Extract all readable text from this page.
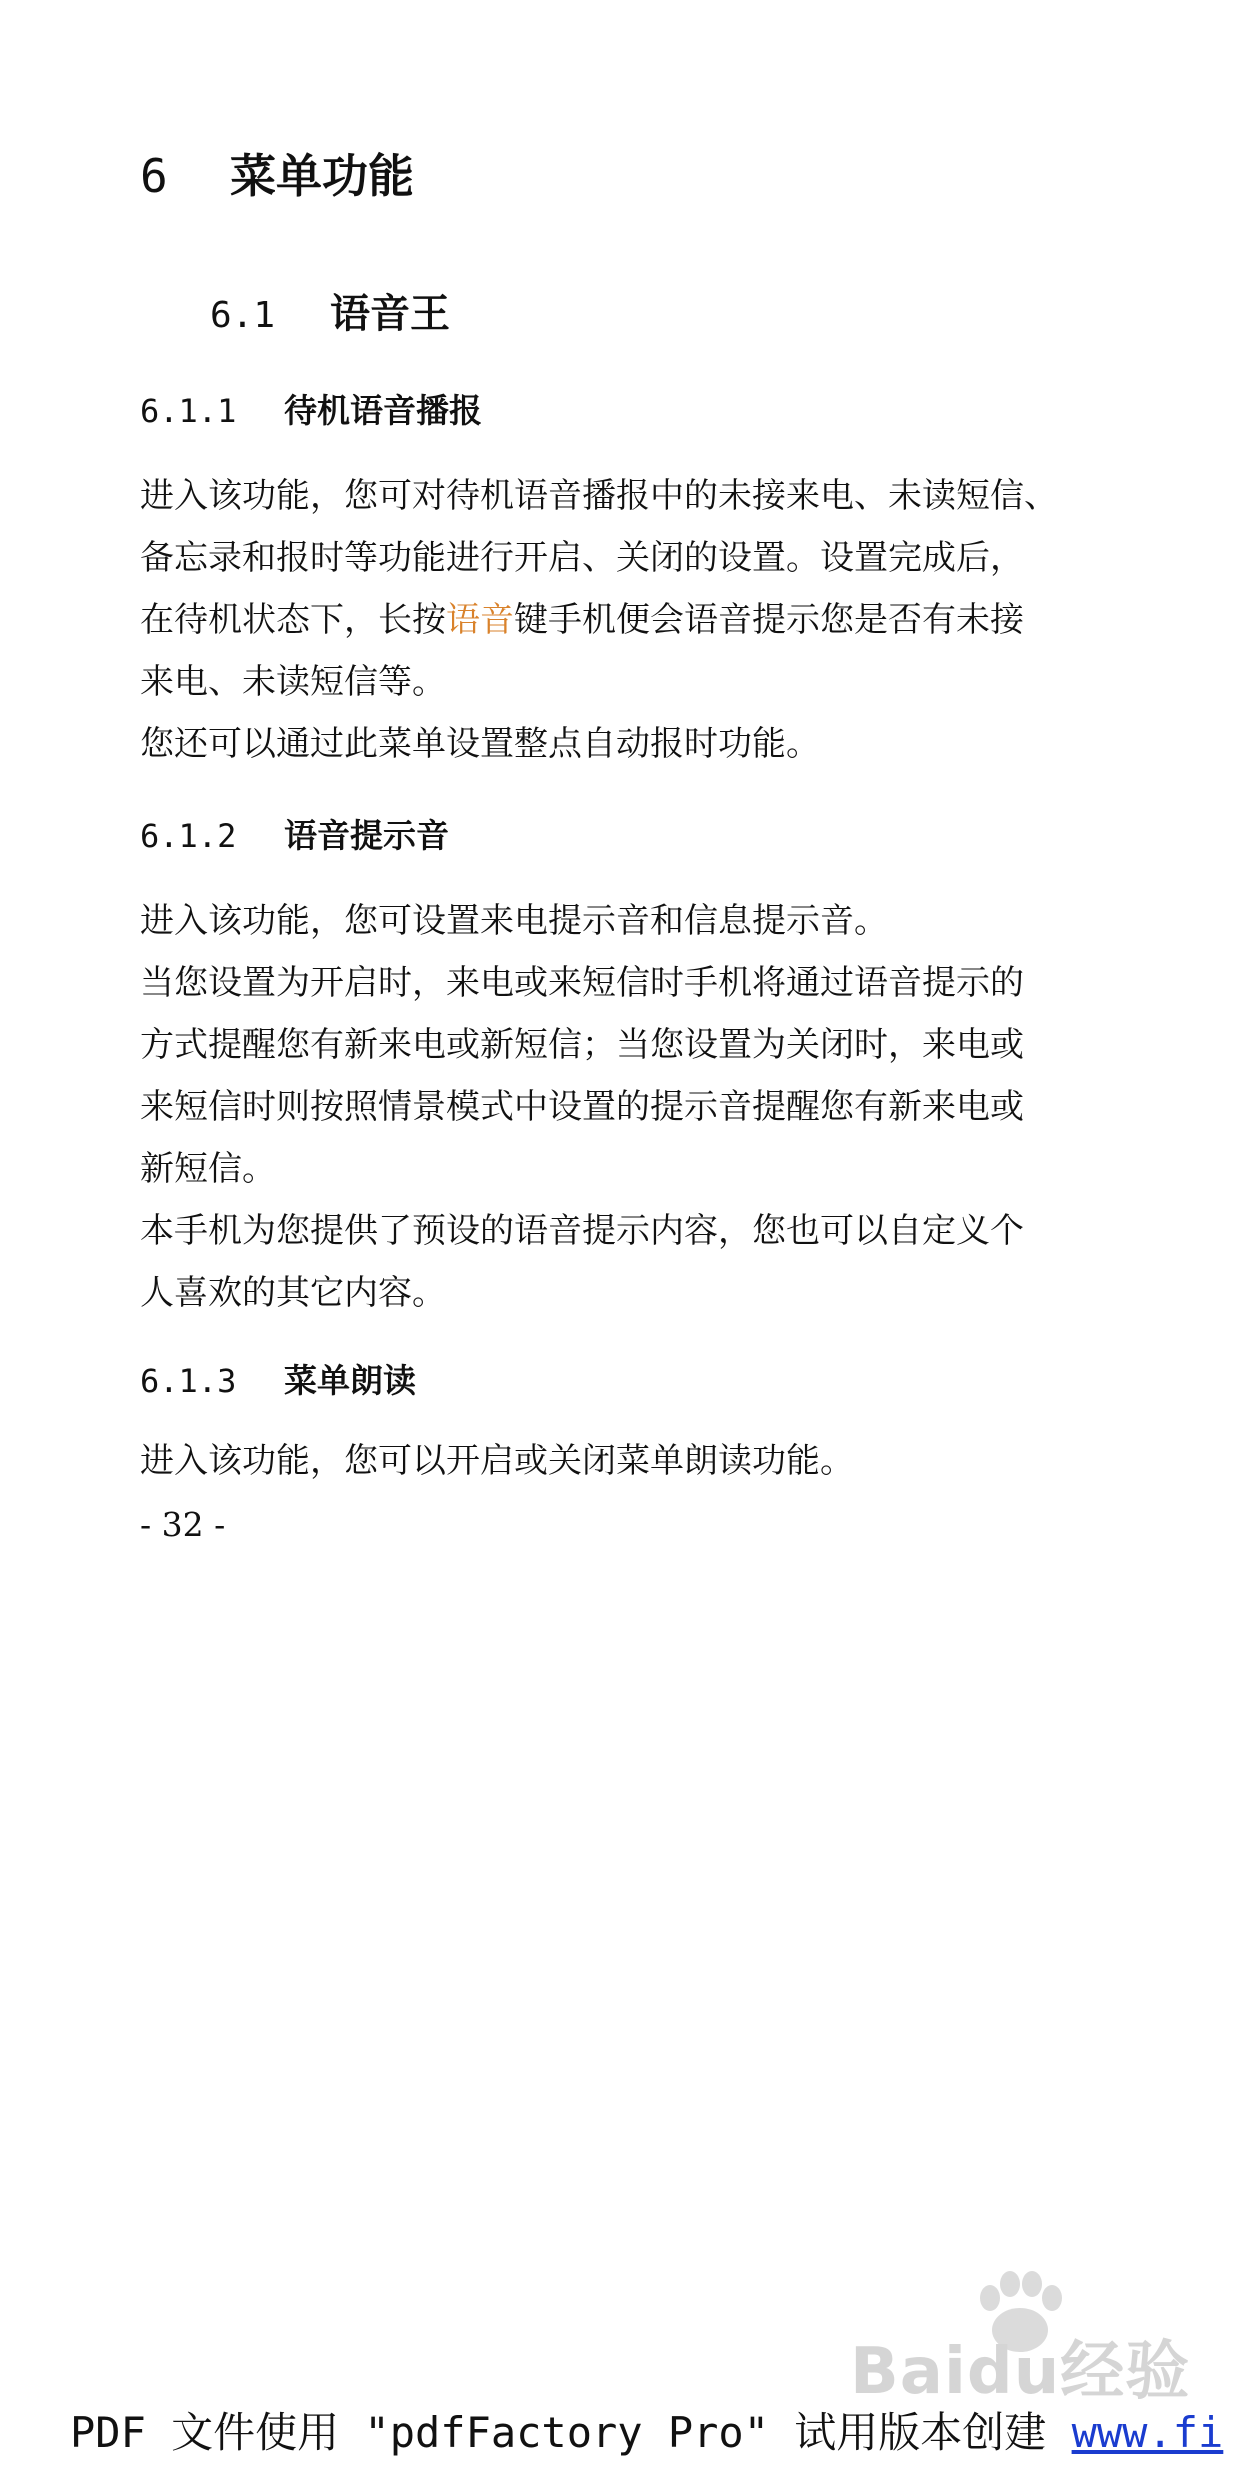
6 菜单功能
6.1 语音王
6.1.1 待机语音播报
进入该功能，您可对待机语音播报中的未接来电、未读短信、
备忘录和报时等功能进行开启、关闭的设置。设置完成后，
在待机状态下，长按语音键手机便会语音提示您是否有未接
来电、未读短信等。
您还可以通过此菜单设置整点自动报时功能。
6.1.2 语音提示音
进入该功能，您可设置来电提示音和信息提示音。
当您设置为开启时，来电或来短信时手机将通过语音提示的
方式提醒您有新来电或新短信；当您设置为关闭时，来电或
来短信时则按照情景模式中设置的提示音提醒您有新来电或
新短信。
本手机为您提供了预设的语音提示内容，您也可以自定义个
人喜欢的其它内容。
6.1.3 菜单朗读
进入该功能，您可以开启或关闭菜单朗读功能。
- 32 -
Baidu经验
PDF 文件使用 "pdfFactory Pro" 试用版本创建 www.fi
